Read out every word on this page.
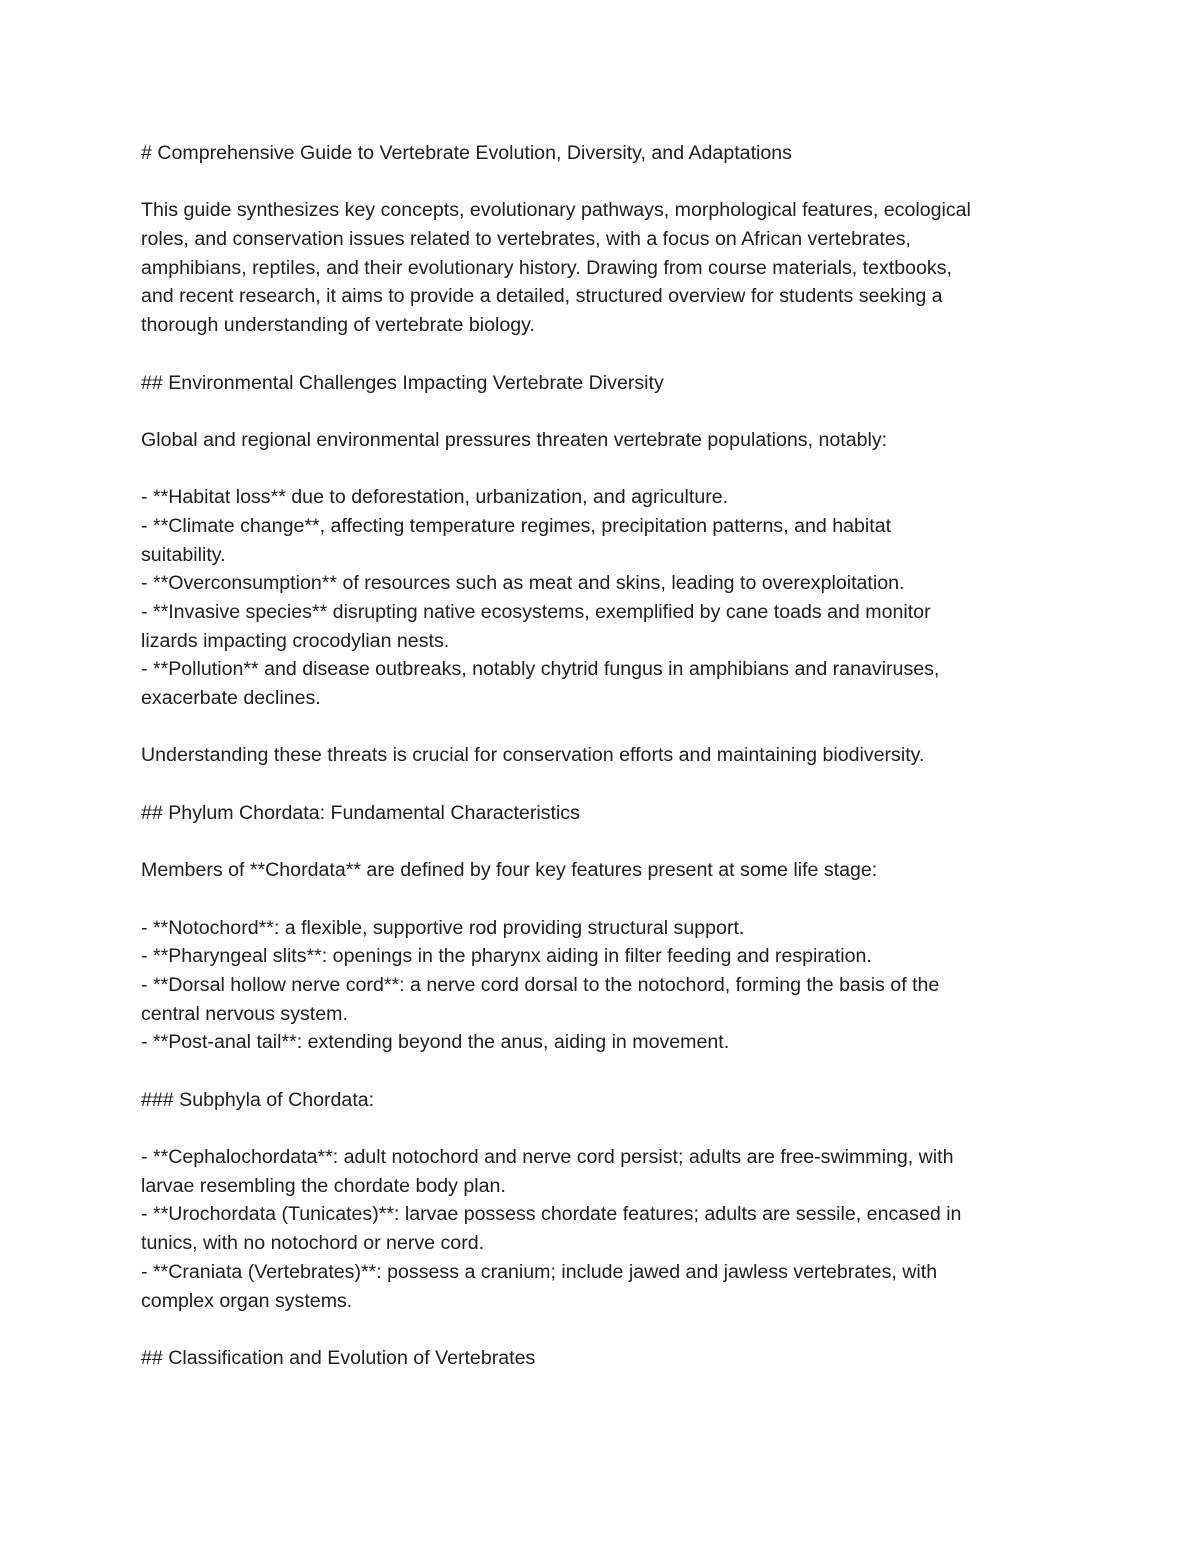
# Comprehensive Guide to Vertebrate Evolution, Diversity, and Adaptations

This guide synthesizes key concepts, evolutionary pathways, morphological features, ecological

roles, and conservation issues related to vertebrates, with a focus on African vertebrates,

amphibians, reptiles, and their evolutionary history. Drawing from course materials, textbooks,

and recent research, it aims to provide a detailed, structured overview for students seeking a

thorough understanding of vertebrate biology.

## Environmental Challenges Impacting Vertebrate Diversity

Global and regional environmental pressures threaten vertebrate populations, notably:

- **Habitat loss** due to deforestation, urbanization, and agriculture.

- **Climate change**, affecting temperature regimes, precipitation patterns, and habitat

suitability.

- **Overconsumption** of resources such as meat and skins, leading to overexploitation.

- **Invasive species** disrupting native ecosystems, exemplified by cane toads and monitor

lizards impacting crocodylian nests.

- **Pollution** and disease outbreaks, notably chytrid fungus in amphibians and ranaviruses,

exacerbate declines.

Understanding these threats is crucial for conservation efforts and maintaining biodiversity.

## Phylum Chordata: Fundamental Characteristics

Members of **Chordata** are defined by four key features present at some life stage:

- **Notochord**: a flexible, supportive rod providing structural support.

- **Pharyngeal slits**: openings in the pharynx aiding in filter feeding and respiration.

- **Dorsal hollow nerve cord**: a nerve cord dorsal to the notochord, forming the basis of the

central nervous system.

- **Post-anal tail**: extending beyond the anus, aiding in movement.

### Subphyla of Chordata:

- **Cephalochordata**: adult notochord and nerve cord persist; adults are free-swimming, with

larvae resembling the chordate body plan.

- **Urochordata (Tunicates)**: larvae possess chordate features; adults are sessile, encased in

tunics, with no notochord or nerve cord.

- **Craniata (Vertebrates)**: possess a cranium; include jawed and jawless vertebrates, with

complex organ systems.

## Classification and Evolution of Vertebrates
